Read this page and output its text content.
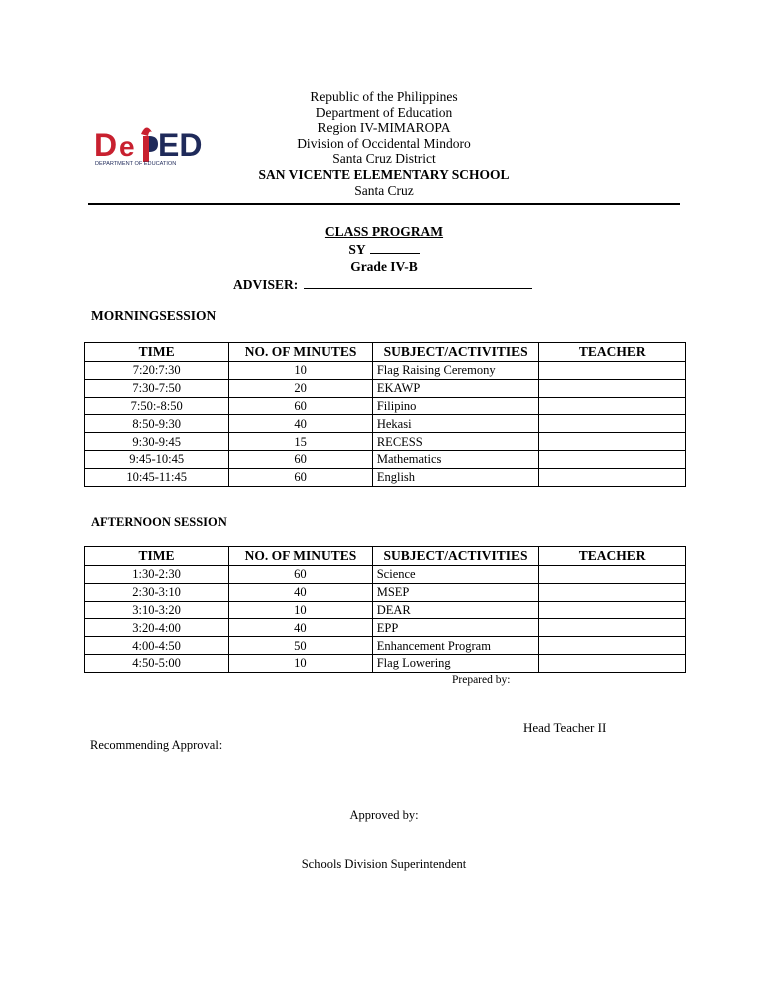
D e ED
DEPARTMENT OF EDUCATION
Republic of the Philippines
Department of Education
Region IV-MIMAROPA
Division of Occidental Mindoro
Santa Cruz District
SAN VICENTE ELEMENTARY SCHOOL
Santa Cruz
CLASS PROGRAM
SY
Grade IV-B
ADVISER:
MORNINGSESSION
TIME	NO. OF MINUTES	SUBJECT/ACTIVITIES	TEACHER
7:20:7:30	10	Flag Raising Ceremony	
7:30-7:50	20	EKAWP	
7:50:-8:50	60	Filipino	
8:50-9:30	40	Hekasi	
9:30-9:45	15	RECESS	
9:45-10:45	60	Mathematics	
10:45-11:45	60	English	
AFTERNOON SESSION
TIME	NO. OF MINUTES	SUBJECT/ACTIVITIES	TEACHER
1:30-2:30	60	Science	
2:30-3:10	40	MSEP	
3:10-3:20	10	DEAR	
3:20-4:00	40	EPP	
4:00-4:50	50	Enhancement Program	
4:50-5:00	10	Flag Lowering	
Prepared by:
Head Teacher II
Recommending Approval:
Approved by:
Schools Division Superintendent
